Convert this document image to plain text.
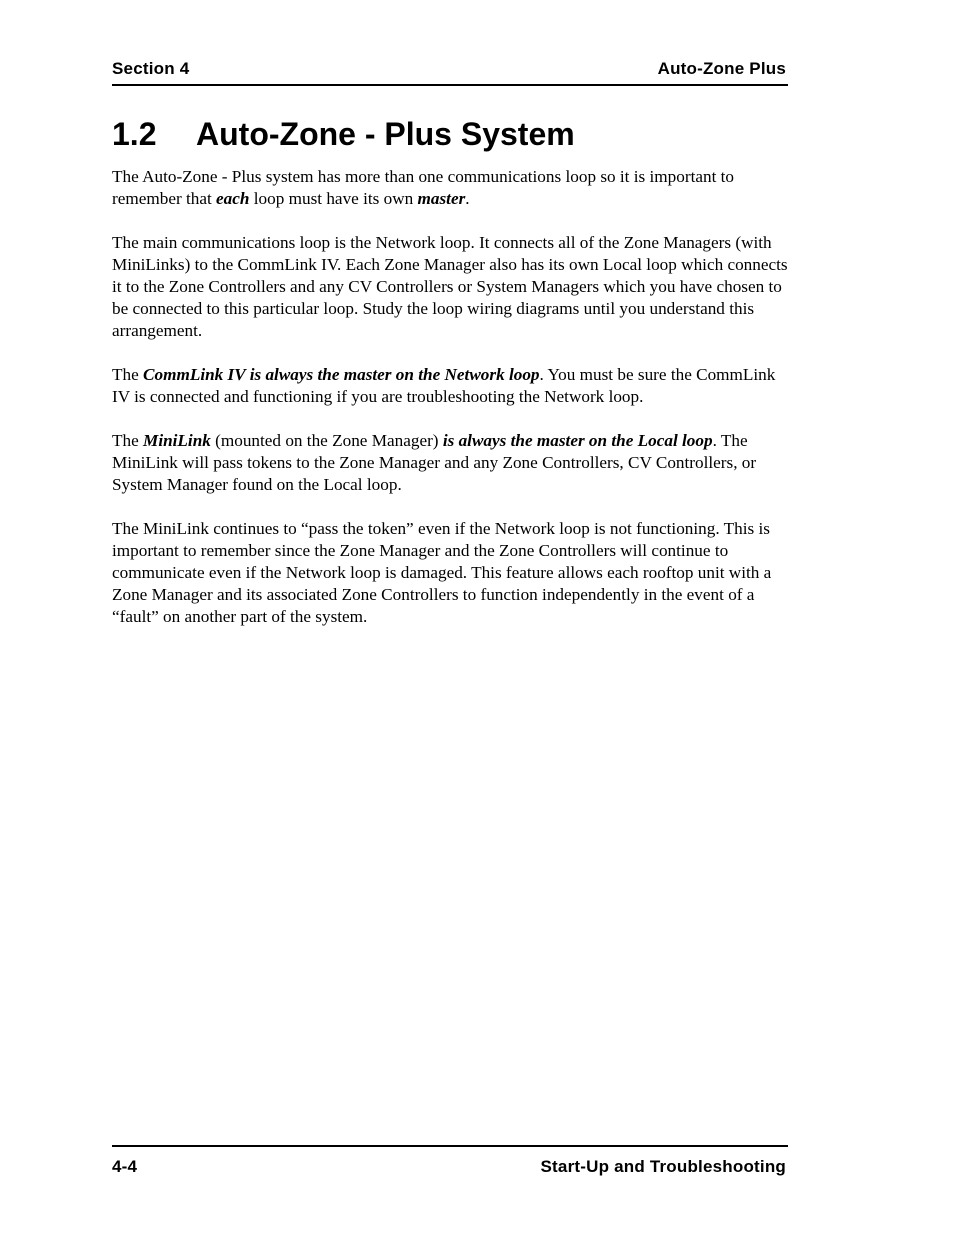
Section 4	Auto-Zone Plus
1.2 Auto-Zone - Plus System

The Auto-Zone - Plus system has more than one communications loop so it is important to remember that each loop must have its own master.

The main communications loop is the Network loop. It connects all of the Zone Managers (with MiniLinks) to the CommLink IV. Each Zone Manager also has its own Local loop which connects it to the Zone Controllers and any CV Controllers or System Managers which you have chosen to be connected to this particular loop. Study the loop wiring diagrams until you understand this arrangement.

The CommLink IV is always the master on the Network loop. You must be sure the CommLink IV is connected and functioning if you are troubleshooting the Network loop.

The MiniLink (mounted on the Zone Manager) is always the master on the Local loop. The MiniLink will pass tokens to the Zone Manager and any Zone Controllers, CV Controllers, or System Manager found on the Local loop.

The MiniLink continues to “pass the token” even if the Network loop is not functioning. This is important to remember since the Zone Manager and the Zone Controllers will continue to communicate even if the Network loop is damaged. This feature allows each rooftop unit with a Zone Manager and its associated Zone Controllers to function independently in the event of a “fault” on another part of the system.

4-4	Start-Up and Troubleshooting
